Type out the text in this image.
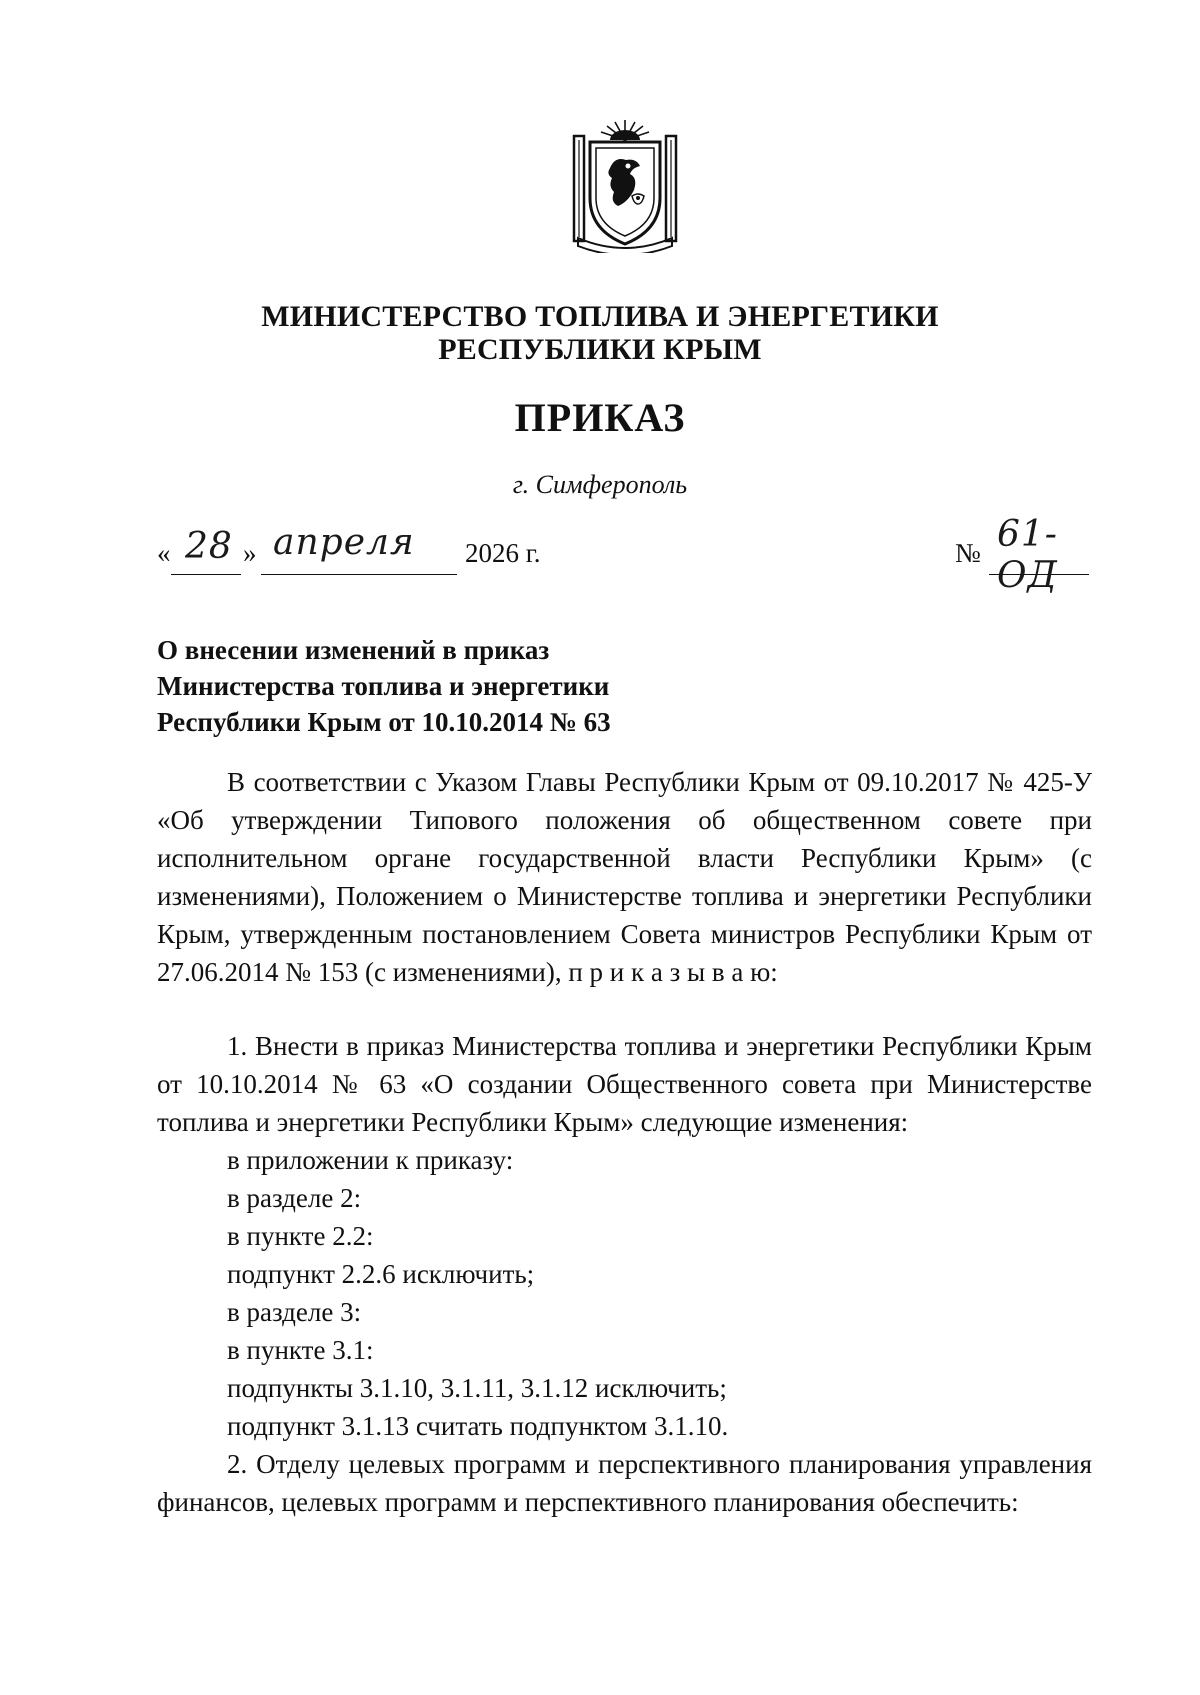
МИНИСТЕРСТВО ТОПЛИВА И ЭНЕРГЕТИКИ
РЕСПУБЛИКИ КРЫМ
ПРИКАЗ
г. Симферополь
« 28 » апреля 2026 г.	№ 61-ОД
О внесении изменений в приказ
Министерства топлива и энергетики
Республики Крым от 10.10.2014 № 63

В соответствии с Указом Главы Республики Крым от 09.10.2017 № 425-У «Об утверждении Типового положения об общественном совете при исполнительном органе государственной власти Республики Крым» (с изменениями), Положением о Министерстве топлива и энергетики Республики Крым, утвержденным постановлением Совета министров Республики Крым от 27.06.2014 № 153 (с изменениями), п р и к а з ы в а ю:

1. Внести в приказ Министерства топлива и энергетики Республики Крым от 10.10.2014 № 63 «О создании Общественного совета при Министерстве топлива и энергетики Республики Крым» следующие изменения:

в приложении к приказу:
в разделе 2:
в пункте 2.2:
подпункт 2.2.6 исключить;
в разделе 3:
в пункте 3.1:
подпункты 3.1.10, 3.1.11, 3.1.12 исключить;
подпункт 3.1.13 считать подпунктом 3.1.10.

2. Отделу целевых программ и перспективного планирования управления финансов, целевых программ и перспективного планирования обеспечить:
